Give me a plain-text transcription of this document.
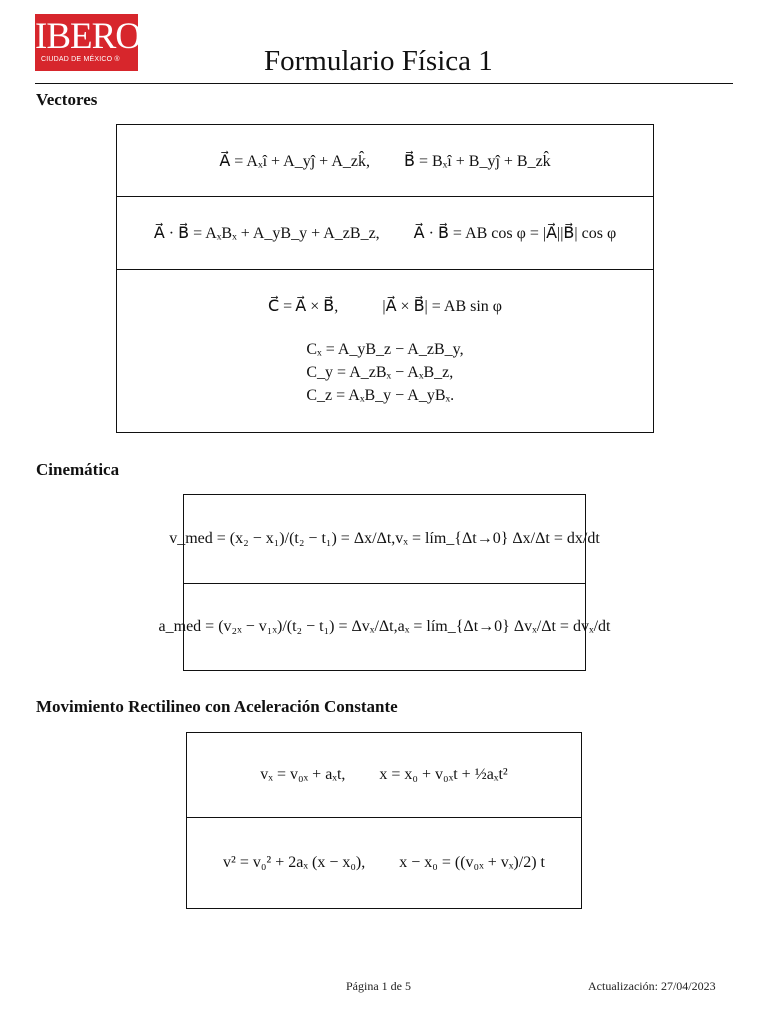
IBERO
CIUDAD DE MÉXICO ®	Formulario Física 1
Vectores
A⃗ = Aₓî + A_yĵ + A_zk̂, B⃗ = Bₓî + B_yĵ + B_zk̂
A⃗ · B⃗ = AₓBₓ + A_yB_y + A_zB_z, A⃗ · B⃗ = AB cos φ = |A⃗||B⃗| cos φ
C⃗ = A⃗ × B⃗,	|A⃗ × B⃗| = AB sin φ
Cₓ = A_yB_z − A_zB_y,
C_y = A_zBₓ − AₓB_z,
C_z = AₓB_y − A_yBₓ.
Cinemática
v_med = (x₂ − x₁)/(t₂ − t₁) = Δx/Δt, vₓ = lím_{Δt→0} Δx/Δt = dx/dt
a_med = (v₂ₓ − v₁ₓ)/(t₂ − t₁) = Δvₓ/Δt, aₓ = lím_{Δt→0} Δvₓ/Δt = dvₓ/dt
Movimiento Rectilineo con Aceleración Constante
vₓ = v₀ₓ + aₓt, x = x₀ + v₀ₓt + ½aₓt²
v² = v₀² + 2aₓ (x − x₀), x − x₀ = ((v₀ₓ + vₓ)/2) t
Página 1 de 5	Actualización: 27/04/2023
